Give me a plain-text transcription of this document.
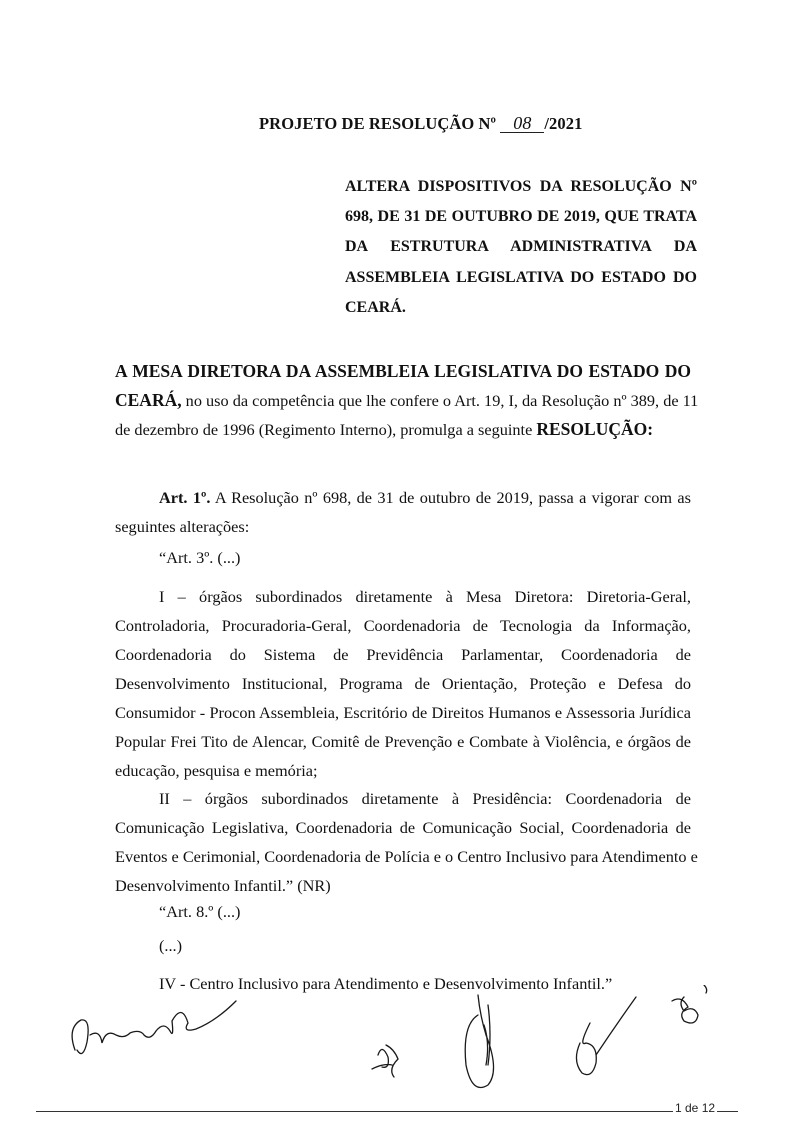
PROJETO DE RESOLUÇÃO Nº 08 /2021
ALTERA DISPOSITIVOS DA RESOLUÇÃO Nº
698, DE 31 DE OUTUBRO DE 2019, QUE TRATA
DA ESTRUTURA ADMINISTRATIVA DA
ASSEMBLEIA LEGISLATIVA DO ESTADO DO
CEARÁ.
A MESA DIRETORA DA ASSEMBLEIA LEGISLATIVA DO ESTADO DO
CEARÁ, no uso da competência que lhe confere o Art. 19, I, da Resolução nº 389, de 11
de dezembro de 1996 (Regimento Interno), promulga a seguinte RESOLUÇÃO:
Art. 1º. A Resolução nº 698, de 31 de outubro de 2019, passa a vigorar com as
seguintes alterações:
“Art. 3º. (...)
I – órgãos subordinados diretamente à Mesa Diretora: Diretoria-Geral,
Controladoria, Procuradoria-Geral, Coordenadoria de Tecnologia da Informação,
Coordenadoria do Sistema de Previdência Parlamentar, Coordenadoria de
Desenvolvimento Institucional, Programa de Orientação, Proteção e Defesa do
Consumidor - Procon Assembleia, Escritório de Direitos Humanos e Assessoria Jurídica
Popular Frei Tito de Alencar, Comitê de Prevenção e Combate à Violência, e órgãos de
educação, pesquisa e memória;
II – órgãos subordinados diretamente à Presidência: Coordenadoria de
Comunicação Legislativa, Coordenadoria de Comunicação Social, Coordenadoria de
Eventos e Cerimonial, Coordenadoria de Polícia e o Centro Inclusivo para Atendimento e
Desenvolvimento Infantil.” (NR)
“Art. 8.º (...)
(...)
IV - Centro Inclusivo para Atendimento e Desenvolvimento Infantil.”
1 de 12
